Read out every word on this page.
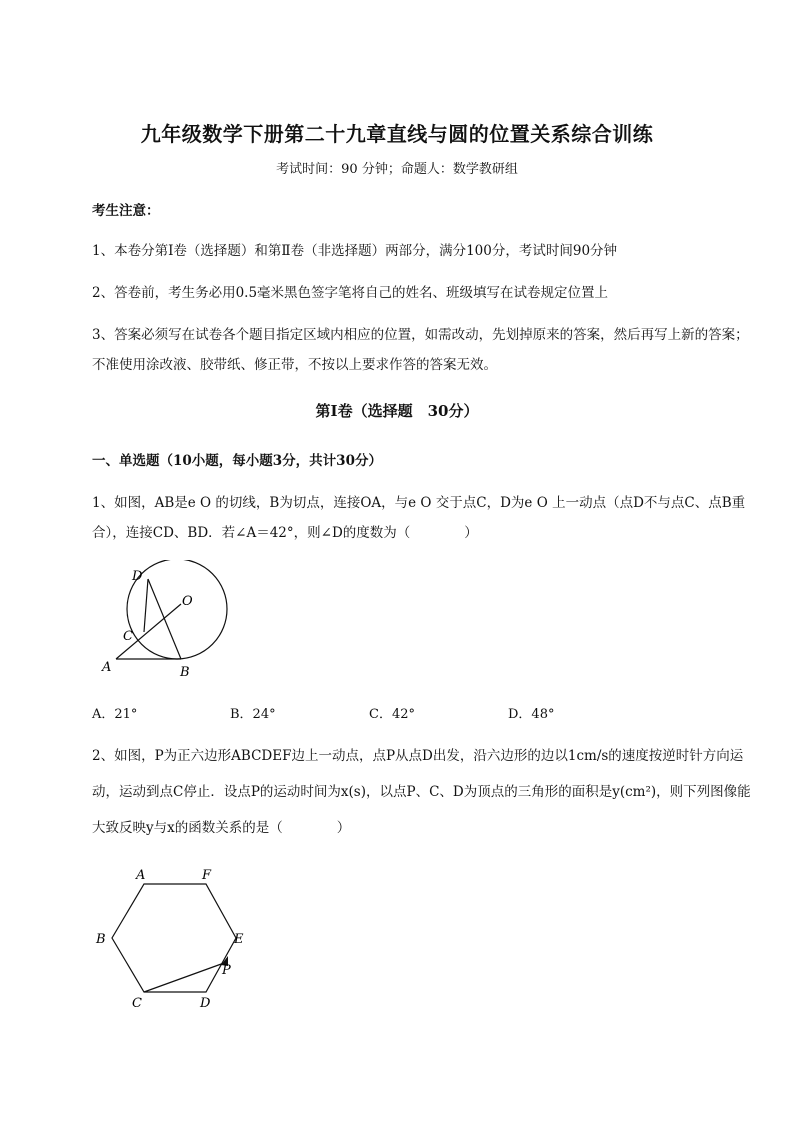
九年级数学下册第二十九章直线与圆的位置关系综合训练
考试时间：90 分钟；命题人：数学教研组
考生注意：
1、本卷分第Ⅰ卷（选择题）和第Ⅱ卷（非选择题）两部分，满分100分，考试时间90分钟
2、答卷前，考生务必用0.5毫米黑色签字笔将自己的姓名、班级填写在试卷规定位置上
3、答案必须写在试卷各个题目指定区域内相应的位置，如需改动，先划掉原来的答案，然后再写上新的答案；不准使用涂改液、胶带纸、修正带，不按以上要求作答的答案无效。
第Ⅰ卷（选择题　30分）
一、单选题（10小题，每小题3分，共计30分）
1、如图，AB是e O 的切线，B为切点，连接OA，与e O 交于点C，D为e O 上一动点（点D不与点C、点B重合），连接CD、BD．若∠A＝42°，则∠D的度数为（　　　　）
D
O
C
A	B
A．21°	B．24°	C．42°	D．48°
2、如图，P为正六边形ABCDEF边上一动点，点P从点D出发，沿六边形的边以1cm/s的速度按逆时针方向运动，运动到点C停止．设点P的运动时间为x(s)，以点P、C、D为顶点的三角形的面积是y(cm²)，则下列图像能大致反映y与x的函数关系的是（　　　　）
A	F
B	E
P
C	D
